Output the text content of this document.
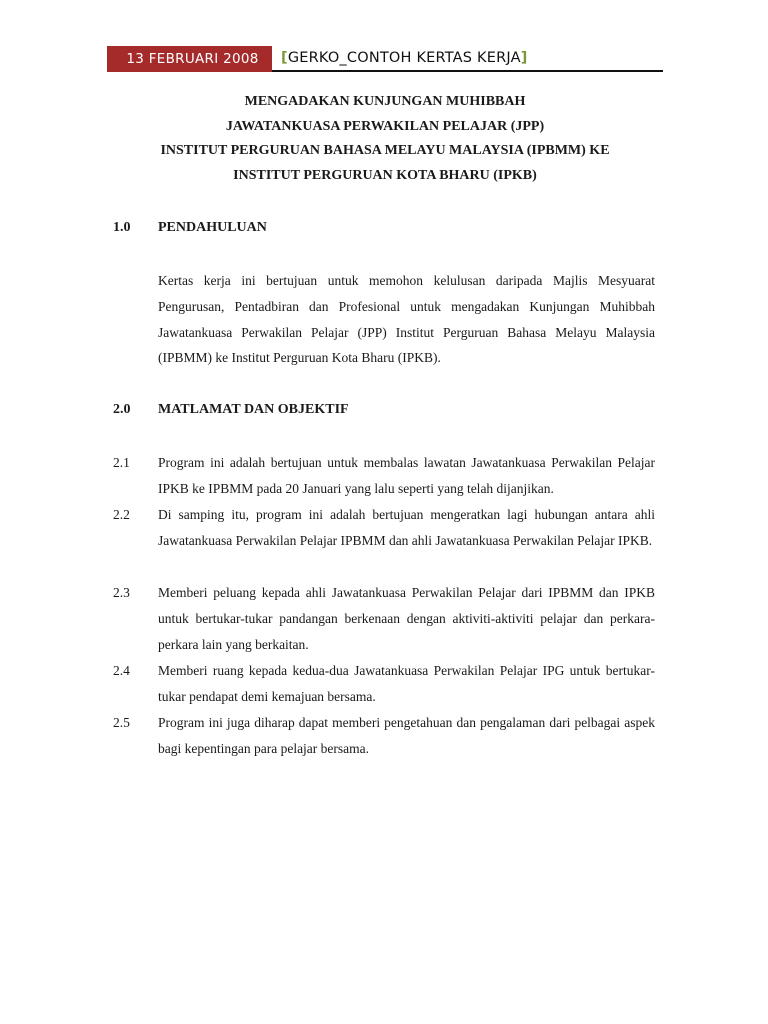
13 FEBRUARI 2008	[ GERKO_CONTOH KERTAS KERJA ]
MENGADAKAN KUNJUNGAN MUHIBBAH
JAWATANKUASA PERWAKILAN PELAJAR (JPP)
INSTITUT PERGURUAN BAHASA MELAYU MALAYSIA (IPBMM) KE
INSTITUT PERGURUAN KOTA BHARU (IPKB)
1.0	PENDAHULUAN
Kertas kerja ini bertujuan untuk memohon kelulusan daripada Majlis Mesyuarat Pengurusan, Pentadbiran dan Profesional untuk mengadakan Kunjungan Muhibbah Jawatankuasa Perwakilan Pelajar (JPP) Institut Perguruan Bahasa Melayu Malaysia (IPBMM) ke Institut Perguruan Kota Bharu (IPKB).
2.0	MATLAMAT DAN OBJEKTIF
2.1	Program ini adalah bertujuan untuk membalas lawatan Jawatankuasa Perwakilan Pelajar IPKB ke IPBMM pada 20 Januari yang lalu seperti yang telah dijanjikan.
2.2	Di samping itu, program ini adalah bertujuan mengeratkan lagi hubungan antara ahli Jawatankuasa Perwakilan Pelajar IPBMM dan ahli Jawatankuasa Perwakilan Pelajar IPKB.
2.3	Memberi peluang kepada ahli Jawatankuasa Perwakilan Pelajar dari IPBMM dan IPKB untuk bertukar-tukar pandangan berkenaan dengan aktiviti-aktiviti pelajar dan perkara-perkara lain yang berkaitan.
2.4	Memberi ruang kepada kedua-dua Jawatankuasa Perwakilan Pelajar IPG untuk bertukar-tukar pendapat demi kemajuan bersama.
2.5	Program ini juga diharap dapat memberi pengetahuan dan pengalaman dari pelbagai aspek bagi kepentingan para pelajar bersama.
